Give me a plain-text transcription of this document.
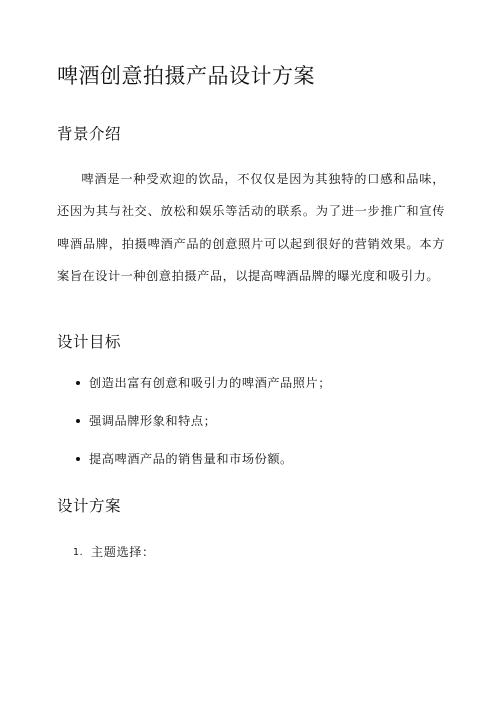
啤酒创意拍摄产品设计方案
背景介绍

啤酒是一种受欢迎的饮品，不仅仅是因为其独特的口感和品味，还因为其与社交、放松和娱乐等活动的联系。为了进一步推广和宣传啤酒品牌，拍摄啤酒产品的创意照片可以起到很好的营销效果。本方案旨在设计一种创意拍摄产品，以提高啤酒品牌的曝光度和吸引力。

设计目标
创造出富有创意和吸引力的啤酒产品照片；
强调品牌形象和特点；
提高啤酒产品的销售量和市场份额。
设计方案
1. 主题选择：
